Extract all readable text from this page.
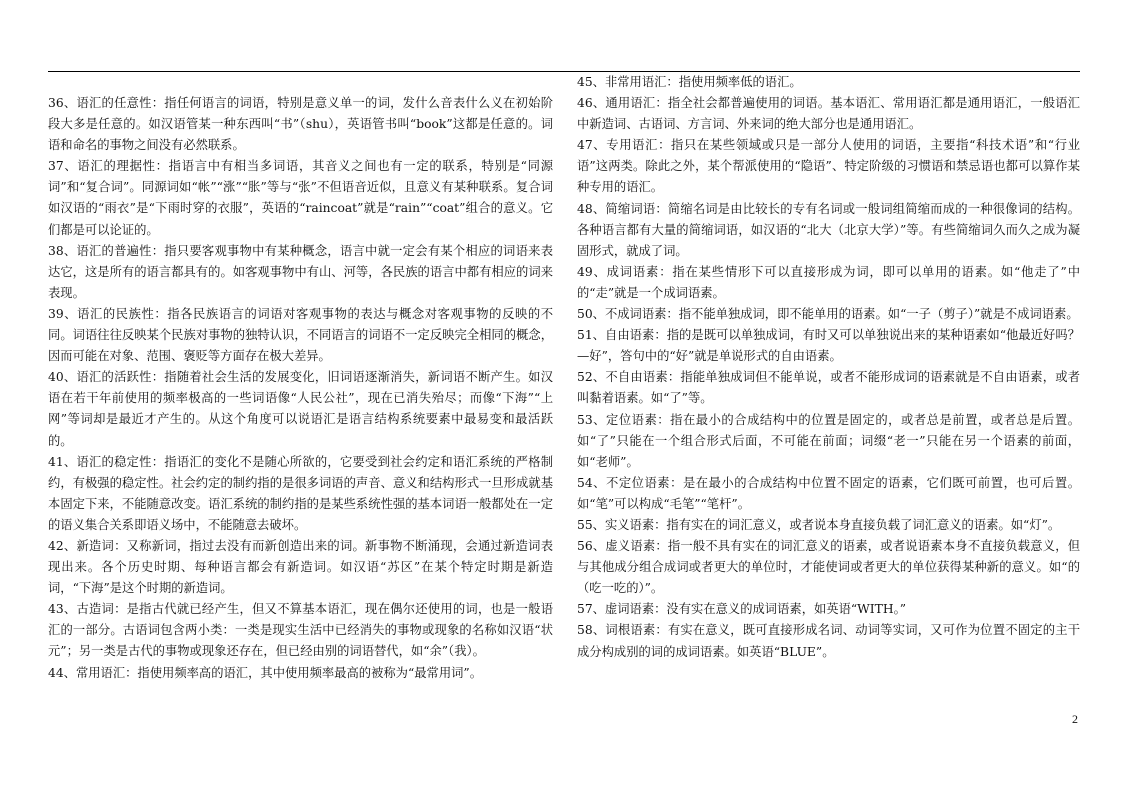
36、语汇的任意性：指任何语言的词语，特别是意义单一的词，发什么音表什么义在初始阶段大多是任意的。如汉语管某一种东西叫“书”（shu），英语管书叫“book”这都是任意的。词语和命名的事物之间没有必然联系。

37、语汇的理据性：指语言中有相当多词语，其音义之间也有一定的联系，特别是“同源词”和“复合词”。同源词如“帐”“涨”“胀”等与“张”不但语音近似，且意义有某种联系。复合词如汉语的“雨衣”是“下雨时穿的衣服”，英语的“raincoat”就是“rain”“coat”组合的意义。它们都是可以论证的。

38、语汇的普遍性：指只要客观事物中有某种概念，语言中就一定会有某个相应的词语来表达它，这是所有的语言都具有的。如客观事物中有山、河等，各民族的语言中都有相应的词来表现。

39、语汇的民族性：指各民族语言的词语对客观事物的表达与概念对客观事物的反映的不同。词语往往反映某个民族对事物的独特认识，不同语言的词语不一定反映完全相同的概念，因而可能在对象、范围、褒贬等方面存在极大差异。

40、语汇的活跃性：指随着社会生活的发展变化，旧词语逐渐消失，新词语不断产生。如汉语在若干年前使用的频率极高的一些词语像“人民公社”，现在已消失殆尽；而像“下海”“上网”等词却是最近才产生的。从这个角度可以说语汇是语言结构系统要素中最易变和最活跃的。

41、语汇的稳定性：指语汇的变化不是随心所欲的，它要受到社会约定和语汇系统的严格制约，有极强的稳定性。社会约定的制约指的是很多词语的声音、意义和结构形式一旦形成就基本固定下来，不能随意改变。语汇系统的制约指的是某些系统性强的基本词语一般都处在一定的语义集合关系即语义场中，不能随意去破坏。

42、新造词：又称新词，指过去没有而新创造出来的词。新事物不断涌现，会通过新造词表现出来。各个历史时期、每种语言都会有新造词。如汉语“苏区”在某个特定时期是新造词，“下海”是这个时期的新造词。

43、古造词：是指古代就已经产生，但又不算基本语汇，现在偶尔还使用的词，也是一般语汇的一部分。古语词包含两小类：一类是现实生活中已经消失的事物或现象的名称如汉语“状元”；另一类是古代的事物或现象还存在，但已经由别的词语替代，如“余”（我）。

44、常用语汇：指使用频率高的语汇，其中使用频率最高的被称为“最常用词”。

45、非常用语汇：指使用频率低的语汇。

46、通用语汇：指全社会都普遍使用的词语。基本语汇、常用语汇都是通用语汇，一般语汇中新造词、古语词、方言词、外来词的绝大部分也是通用语汇。

47、专用语汇：指只在某些领域或只是一部分人使用的词语，主要指“科技术语”和“行业语”这两类。除此之外，某个帮派使用的“隐语”、特定阶级的习惯语和禁忌语也都可以算作某种专用的语汇。

48、简缩词语：简缩名词是由比较长的专有名词或一般词组简缩而成的一种很像词的结构。各种语言都有大量的简缩词语，如汉语的“北大（北京大学）”等。有些简缩词久而久之成为凝固形式，就成了词。

49、成词语素：指在某些情形下可以直接形成为词，即可以单用的语素。如“他走了”中的“走”就是一个成词语素。

50、不成词语素：指不能单独成词，即不能单用的语素。如“一子（剪子）”就是不成词语素。

51、自由语素：指的是既可以单独成词，有时又可以单独说出来的某种语素如“他最近好吗？—好”，答句中的“好”就是单说形式的自由语素。

52、不自由语素：指能单独成词但不能单说，或者不能形成词的语素就是不自由语素，或者叫黏着语素。如“了”等。

53、定位语素：指在最小的合成结构中的位置是固定的，或者总是前置，或者总是后置。如“了”只能在一个组合形式后面，不可能在前面；词缀“老一”只能在另一个语素的前面，如“老师”。

54、不定位语素：是在最小的合成结构中位置不固定的语素，它们既可前置，也可后置。如“笔”可以构成“毛笔”“笔杆”。

55、实义语素：指有实在的词汇意义，或者说本身直接负载了词汇意义的语素。如“灯”。

56、虚义语素：指一般不具有实在的词汇意义的语素，或者说语素本身不直接负载意义，但与其他成分组合成词或者更大的单位时，才能使词或者更大的单位获得某种新的意义。如“的（吃一吃的）”。

57、虚词语素：没有实在意义的成词语素，如英语“WITH。”

58、词根语素：有实在意义，既可直接形成名词、动词等实词，又可作为位置不固定的主干成分构成别的词的成词语素。如英语“BLUE”。

2
